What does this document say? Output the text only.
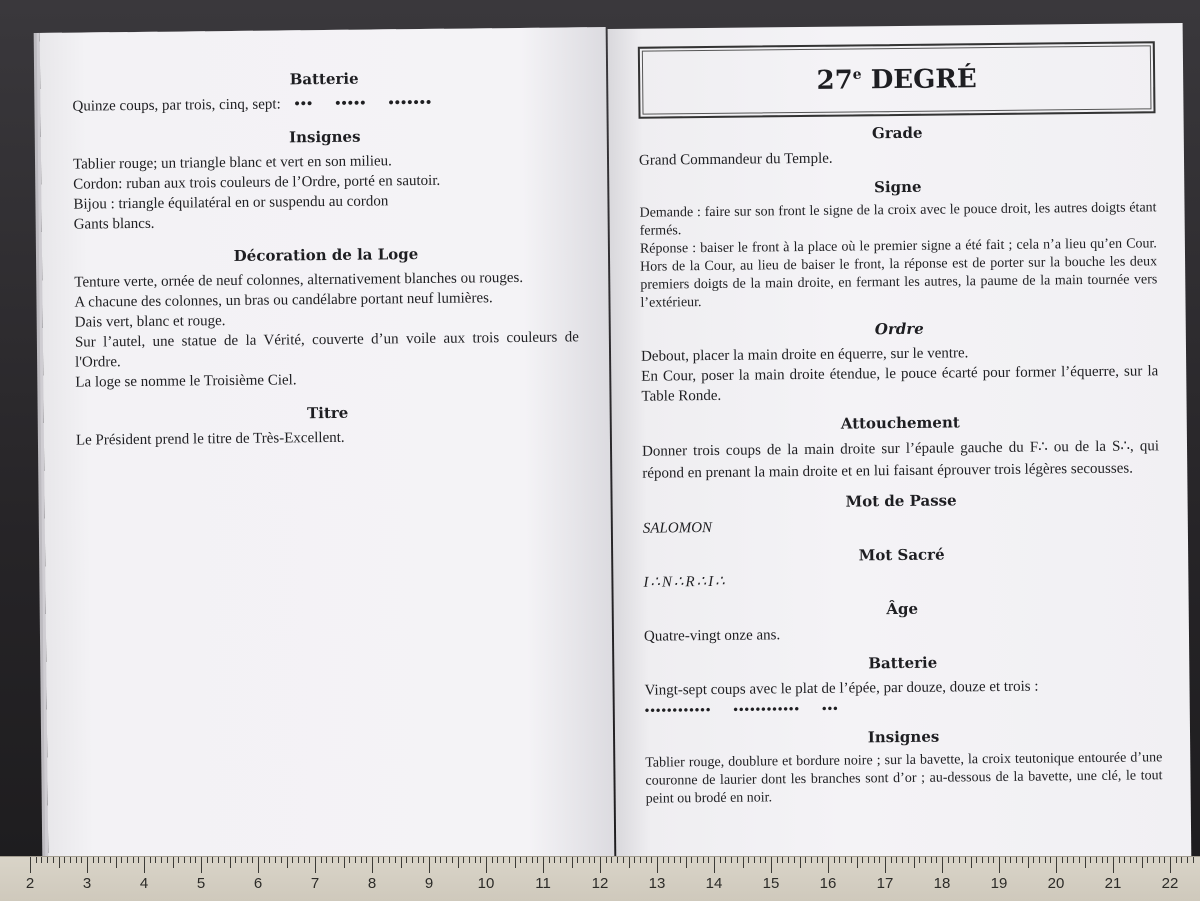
Batterie

Quinze coups, par trois, cinq, sept: ••• ••••• •••••••

Insignes

Tablier rouge; un triangle blanc et vert en son milieu.

Cordon: ruban aux trois couleurs de l’Ordre, porté en sautoir.

Bijou : triangle équilatéral en or suspendu au cordon

Gants blancs.

Décoration de la Loge

Tenture verte, ornée de neuf colonnes, alternativement blanches ou rouges.

A chacune des colonnes, un bras ou candélabre portant neuf lumières.

Dais vert, blanc et rouge.

Sur l’autel, une statue de la Vérité, couverte d’un voile aux trois couleurs de l'Ordre.

La loge se nomme le Troisième Ciel.

Titre

Le Président prend le titre de Très-Excellent.

27e DEGRÉ
Grade

Grand Commandeur du Temple.

Signe

Demande : faire sur son front le signe de la croix avec le pouce droit, les autres doigts étant fermés.

Réponse : baiser le front à la place où le premier signe a été fait ; cela n’a lieu qu’en Cour. Hors de la Cour, au lieu de baiser le front, la réponse est de porter sur la bouche les deux premiers doigts de la main droite, en fermant les autres, la paume de la main tournée vers l’extérieur.

Ordre

Debout, placer la main droite en équerre, sur le ventre.

En Cour, poser la main droite étendue, le pouce écarté pour former l’équerre, sur la Table Ronde.

Attouchement

Donner trois coups de la main droite sur l’épaule gauche du F∴ ou de la S∴, qui répond en prenant la main droite et en lui faisant éprouver trois légères secousses.

Mot de Passe

SALOMON

Mot Sacré

I∴N∴R∴I∴

Âge

Quatre-vingt onze ans.

Batterie

Vingt-sept coups avec le plat de l’épée, par douze, douze et trois :

•••••••••••• •••••••••••• •••

Insignes

Tablier rouge, doublure et bordure noire ; sur la bavette, la croix teutonique entourée d’une couronne de laurier dont les branches sont d’or ; au-dessous de la bavette, une clé, le tout peint ou brodé en noir.

2	3	4	5	6	7	8	9	10	11	12	13	14	15	16	17	18	19	20	21	22
